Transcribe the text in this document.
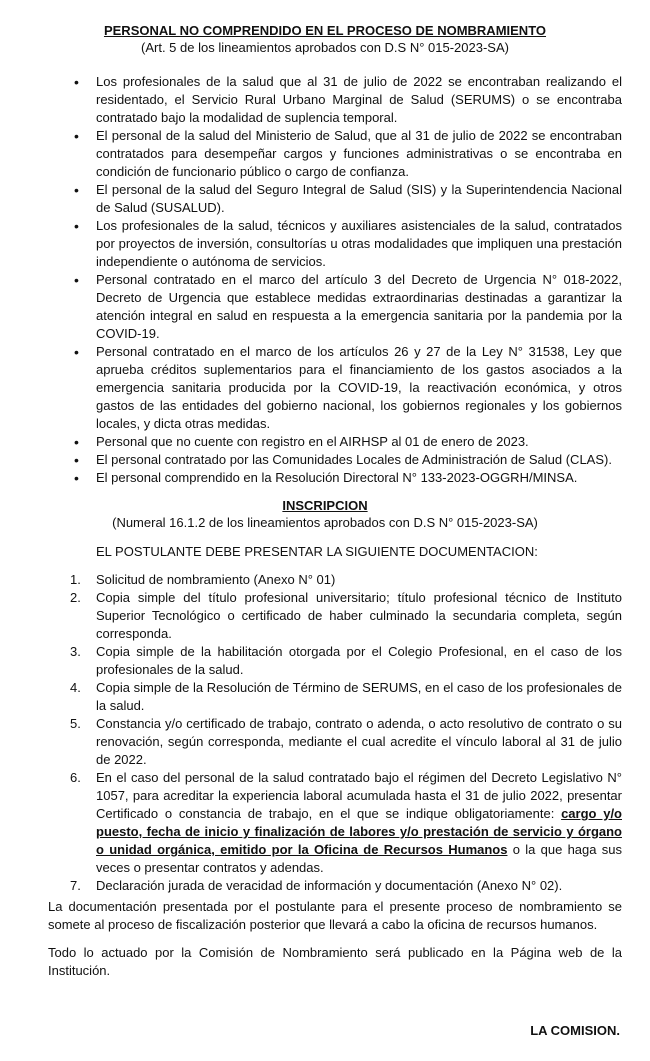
PERSONAL NO COMPRENDIDO EN EL PROCESO DE NOMBRAMIENTO
(Art. 5 de los lineamientos aprobados con D.S N° 015-2023-SA)
• Los profesionales de la salud que al 31 de julio de 2022 se encontraban realizando el residentado, el Servicio Rural Urbano Marginal de Salud (SERUMS) o se encontraba contratado bajo la modalidad de suplencia temporal.
• El personal de la salud del Ministerio de Salud, que al 31 de julio de 2022 se encontraban contratados para desempeñar cargos y funciones administrativas o se encontraba en condición de funcionario público o cargo de confianza.
• El personal de la salud del Seguro Integral de Salud (SIS) y la Superintendencia Nacional de Salud (SUSALUD).
• Los profesionales de la salud, técnicos y auxiliares asistenciales de la salud, contratados por proyectos de inversión, consultorías u otras modalidades que impliquen una prestación independiente o autónoma de servicios.
• Personal contratado en el marco del artículo 3 del Decreto de Urgencia N° 018-2022, Decreto de Urgencia que establece medidas extraordinarias destinadas a garantizar la atención integral en salud en respuesta a la emergencia sanitaria por la pandemia por la COVID-19.
• Personal contratado en el marco de los artículos 26 y 27 de la Ley N° 31538, Ley que aprueba créditos suplementarios para el financiamiento de los gastos asociados a la emergencia sanitaria producida por la COVID-19, la reactivación económica, y otros gastos de las entidades del gobierno nacional, los gobiernos regionales y los gobiernos locales, y dicta otras medidas.
• Personal que no cuente con registro en el AIRHSP al 01 de enero de 2023.
• El personal contratado por las Comunidades Locales de Administración de Salud (CLAS).
• El personal comprendido en la Resolución Directoral N° 133-2023-OGGRH/MINSA.
INSCRIPCION
(Numeral 16.1.2 de los lineamientos aprobados con D.S N° 015-2023-SA)
EL POSTULANTE DEBE PRESENTAR LA SIGUIENTE DOCUMENTACION:
1. Solicitud de nombramiento (Anexo N° 01)
2. Copia simple del título profesional universitario; título profesional técnico de Instituto Superior Tecnológico o certificado de haber culminado la secundaria completa, según corresponda.
3. Copia simple de la habilitación otorgada por el Colegio Profesional, en el caso de los profesionales de la salud.
4. Copia simple de la Resolución de Término de SERUMS, en el caso de los profesionales de la salud.
5. Constancia y/o certificado de trabajo, contrato o adenda, o acto resolutivo de contrato o su renovación, según corresponda, mediante el cual acredite el vínculo laboral al 31 de julio de 2022.
6. En el caso del personal de la salud contratado bajo el régimen del Decreto Legislativo N° 1057, para acreditar la experiencia laboral acumulada hasta el 31 de julio 2022, presentar Certificado o constancia de trabajo, en el que se indique obligatoriamente: cargo y/o puesto, fecha de inicio y finalización de labores y/o prestación de servicio y órgano o unidad orgánica, emitido por la Oficina de Recursos Humanos o la que haga sus veces o presentar contratos y adendas.
7. Declaración jurada de veracidad de información y documentación (Anexo N° 02).
La documentación presentada por el postulante para el presente proceso de nombramiento se somete al proceso de fiscalización posterior que llevará a cabo la oficina de recursos humanos.
Todo lo actuado por la Comisión de Nombramiento será publicado en la Página web de la Institución.
LA COMISION.
